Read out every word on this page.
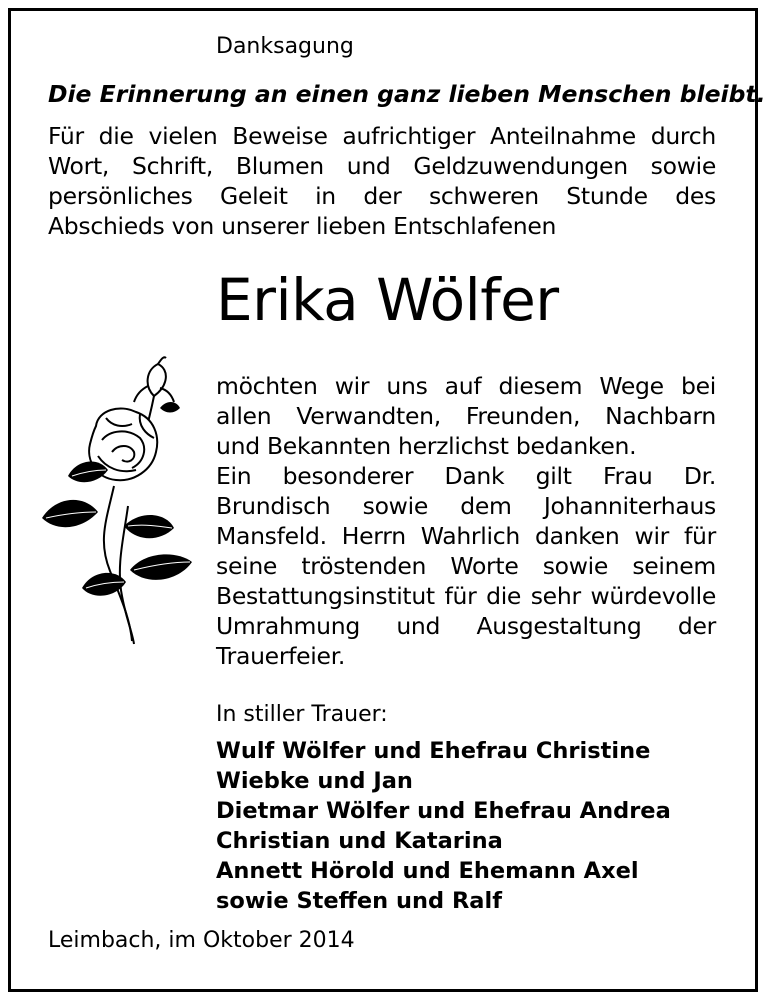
Danksagung

Die Erinnerung an einen ganz lieben Menschen bleibt.

Für die vielen Beweise aufrichtiger Anteilnahme durch
Wort, Schrift, Blumen und Geldzuwendungen sowie
persönliches Geleit in der schweren Stunde des
Abschieds von unserer lieben Entschlafenen

Erika Wölfer

möchten wir uns auf diesem Wege bei
allen Verwandten, Freunden, Nachbarn
und Bekannten herzlichst bedanken.
Ein besonderer Dank gilt Frau Dr.
Brundisch sowie dem Johanniterhaus
Mansfeld. Herrn Wahrlich danken wir für
seine tröstenden Worte sowie seinem
Bestattungsinstitut für die sehr würdevolle
Umrahmung und Ausgestaltung der
Trauerfeier.

In stiller Trauer:

Wulf Wölfer und Ehefrau Christine
Wiebke und Jan
Dietmar Wölfer und Ehefrau Andrea
Christian und Katarina
Annett Hörold und Ehemann Axel
sowie Steffen und Ralf

Leimbach, im Oktober 2014
